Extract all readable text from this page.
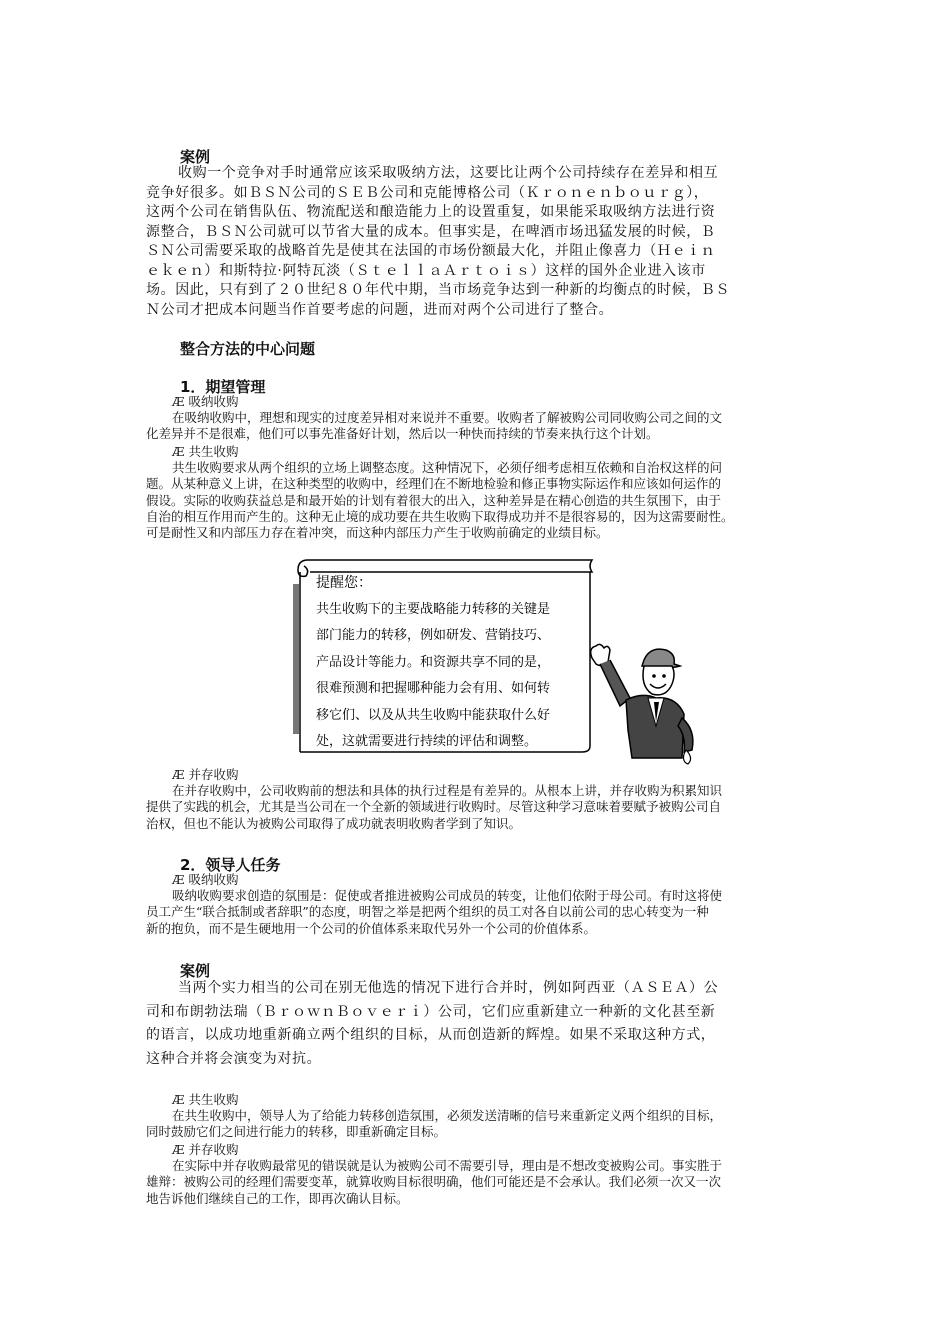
案例
收购一个竞争对手时通常应该采取吸纳方法，这要比让两个公司持续存在差异和相互
竞争好很多。如ＢＳＮ公司的ＳＥＢ公司和克能博格公司（Ｋｒｏｎｅｎｂｏｕｒｇ），
这两个公司在销售队伍、物流配送和酿造能力上的设置重复，如果能采取吸纳方法进行资
源整合，ＢＳＮ公司就可以节省大量的成本。但事实是，在啤酒市场迅猛发展的时候，Ｂ
ＳＮ公司需要采取的战略首先是使其在法国的市场份额最大化，并阻止像喜力（Ｈｅｉｎ
ｅｋｅｎ）和斯特拉·阿特瓦淡（ＳｔｅｌｌａＡｒｔｏｉｓ）这样的国外企业进入该市
场。因此，只有到了２０世纪８０年代中期，当市场竞争达到一种新的均衡点的时候，ＢＳ
Ｎ公司才把成本问题当作首要考虑的问题，进而对两个公司进行了整合。
整合方法的中心问题
1．期望管理
Æ 吸纳收购
在吸纳收购中，理想和现实的过度差异相对来说并不重要。收购者了解被购公司同收购公司之间的文
化差异并不是很难，他们可以事先准备好计划，然后以一种快而持续的节奏来执行这个计划。
Æ 共生收购
共生收购要求从两个组织的立场上调整态度。这种情况下，必须仔细考虑相互依赖和自治权这样的问
题。从某种意义上讲，在这种类型的收购中，经理们在不断地检验和修正事物实际运作和应该如何运作的
假设。实际的收购获益总是和最开始的计划有着很大的出入，这种差异是在精心创造的共生氛围下，由于
自治的相互作用而产生的。这种无止境的成功要在共生收购下取得成功并不是很容易的，因为这需要耐性。
可是耐性又和内部压力存在着冲突，而这种内部压力产生于收购前确定的业绩目标。
提醒您：
共生收购下的主要战略能力转移的关键是
部门能力的转移，例如研发、营销技巧、
产品设计等能力。和资源共享不同的是，
很难预测和把握哪种能力会有用、如何转
移它们、以及从共生收购中能获取什么好
处，这就需要进行持续的评估和调整。
Æ 并存收购
在并存收购中，公司收购前的想法和具体的执行过程是有差异的。从根本上讲，并存收购为积累知识
提供了实践的机会，尤其是当公司在一个全新的领域进行收购时。尽管这种学习意味着要赋予被购公司自
治权，但也不能认为被购公司取得了成功就表明收购者学到了知识。
2．领导人任务
Æ 吸纳收购
吸纳收购要求创造的氛围是：促使或者推进被购公司成员的转变，让他们依附于母公司。有时这将使
员工产生“联合抵制或者辞职”的态度，明智之举是把两个组织的员工对各自以前公司的忠心转变为一种
新的抱负，而不是生硬地用一个公司的价值体系来取代另外一个公司的价值体系。
案例
当两个实力相当的公司在别无他选的情况下进行合并时，例如阿西亚（ＡＳＥＡ）公
司和布朗勃法瑞（ＢｒｏｗｎＢｏｖｅｒｉ）公司，它们应重新建立一种新的文化甚至新
的语言，以成功地重新确立两个组织的目标，从而创造新的辉煌。如果不采取这种方式，
这种合并将会演变为对抗。
Æ 共生收购
在共生收购中，领导人为了给能力转移创造氛围，必须发送清晰的信号来重新定义两个组织的目标，
同时鼓励它们之间进行能力的转移，即重新确定目标。
Æ 并存收购
在实际中并存收购最常见的错误就是认为被购公司不需要引导，理由是不想改变被购公司。事实胜于
雄辩：被购公司的经理们需要变革，就算收购目标很明确，他们可能还是不会承认。我们必须一次又一次
地告诉他们继续自己的工作，即再次确认目标。
